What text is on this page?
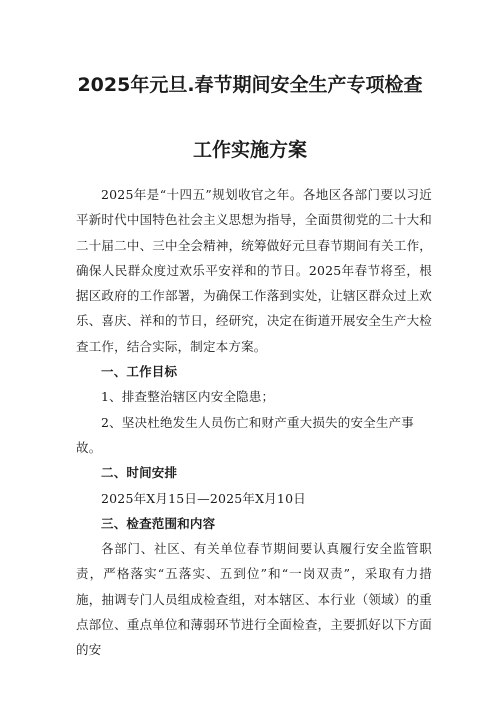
2025年元旦.春节期间安全生产专项检查
工作实施方案

2025年是“十四五”规划收官之年。各地区各部门要以习近平新时代中国特色社会主义思想为指导，全面贯彻党的二十大和二十届二中、三中全会精神，统筹做好元旦春节期间有关工作，确保人民群众度过欢乐平安祥和的节日。2025年春节将至，根据区政府的工作部署，为确保工作落到实处，让辖区群众过上欢乐、喜庆、祥和的节日，经研究，决定在街道开展安全生产大检查工作，结合实际，制定本方案。

一、工作目标

1、排查整治辖区内安全隐患；

2、坚决杜绝发生人员伤亡和财产重大损失的安全生产事故。

二、时间安排

2025年X月15日—2025年X月10日

三、检查范围和内容

各部门、社区、有关单位春节期间要认真履行安全监管职责，严格落实“五落实、五到位”和“一岗双责”，采取有力措施，抽调专门人员组成检查组，对本辖区、本行业（领域）的重点部位、重点单位和薄弱环节进行全面检查，主要抓好以下方面的安
